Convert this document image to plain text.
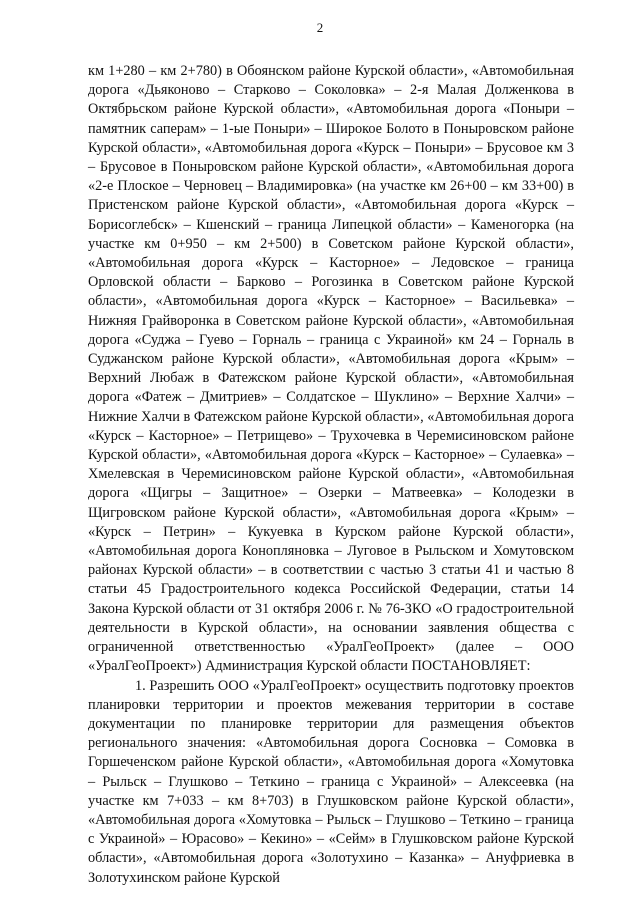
2

км 1+280 – км 2+780) в Обоянском районе Курской области», «Автомобильная дорога «Дьяконово – Старково – Соколовка» – 2-я Малая Долженкова в Октябрьском районе Курской области», «Автомобильная дорога «Поныри – памятник саперам» – 1-ые Поныри» – Широкое Болото в Поныровском районе Курской области», «Автомобильная дорога «Курск – Поныри» – Брусовое км 3 – Брусовое в Поныровском районе Курской области», «Автомобильная дорога «2-е Плоское – Черновец – Владимировка» (на участке км 26+00 – км 33+00) в Пристенском районе Курской области», «Автомобильная дорога «Курск – Борисоглебск» – Кшенский – граница Липецкой области» – Каменогорка (на участке км 0+950 – км 2+500) в Советском районе Курской области», «Автомобильная дорога «Курск – Касторное» – Ледовское – граница Орловской области – Барково – Рогозинка в Советском районе Курской области», «Автомобильная дорога «Курск – Касторное» – Васильевка» – Нижняя Грайворонка в Советском районе Курской области», «Автомобильная дорога «Суджа – Гуево – Горналь – граница с Украиной» км 24 – Горналь в Суджанском районе Курской области», «Автомобильная дорога «Крым» – Верхний Любаж в Фатежском районе Курской области», «Автомобильная дорога «Фатеж – Дмитриев» – Солдатское – Шуклино» – Верхние Халчи» – Нижние Халчи в Фатежском районе Курской области», «Автомобильная дорога «Курск – Касторное» – Петрищево» – Трухочевка в Черемисиновском районе Курской области», «Автомобильная дорога «Курск – Касторное» – Сулаевка» – Хмелевская в Черемисиновском районе Курской области», «Автомобильная дорога «Щигры – Защитное» – Озерки – Матвеевка» – Колодезки в Щигровском районе Курской области», «Автомобильная дорога «Крым» – «Курск – Петрин» – Кукуевка в Курском районе Курской области», «Автомобильная дорога Конопляновка – Луговое в Рыльском и Хомутовском районах Курской области» – в соответствии с частью 3 статьи 41 и частью 8 статьи 45 Градостроительного кодекса Российской Федерации, статьи 14 Закона Курской области от 31 октября 2006 г. № 76-ЗКО «О градостроительной деятельности в Курской области», на основании заявления общества с ограниченной ответственностью «УралГеоПроект» (далее – ООО «УралГеоПроект») Администрация Курской области ПОСТАНОВЛЯЕТ:

1. Разрешить ООО «УралГеоПроект» осуществить подготовку проектов планировки территории и проектов межевания территории в составе документации по планировке территории для размещения объектов регионального значения: «Автомобильная дорога Сосновка – Сомовка в Горшеченском районе Курской области», «Автомобильная дорога «Хомутовка – Рыльск – Глушково – Теткино – граница с Украиной» – Алексеевка (на участке км 7+033 – км 8+703) в Глушковском районе Курской области», «Автомобильная дорога «Хомутовка – Рыльск – Глушково – Теткино – граница с Украиной» – Юрасово» – Кекино» – «Сейм» в Глушковском районе Курской области», «Автомобильная дорога «Золотухино – Казанка» – Ануфриевка в Золотухинском районе Курской
